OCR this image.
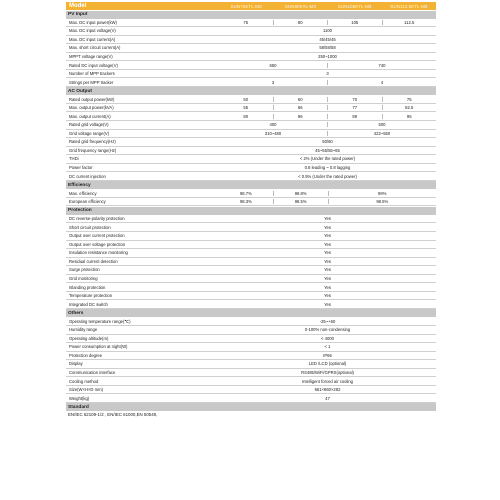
Model	SUN75KTL-M3	SUN90KTL-M3	SUN105KTL-M3	SUN112.5KTL-M3
PV Input
Max. DC input power(kW)	75	90	105	112.5
Max. DC input voltage(V)	1100
Max. DC input current(A)	45/45/45
Max. short circuit current(A)	58/58/58
MPPT voltage range(V)	250~1000
Rated DC input voltage(V)	650	740
Number of MPP trackers	3
Strings per MPP tracker	3	4
AC Output
Rated output power(kW)	50	60	70	75
Max. output power(kVA)	55	66	77	82.5
Max. output current(A)	80	96	89	95
Rated grid voltage(V)	400	500
Grid voltage range(V)	310~480	422~550
Rated grid frequency(Hz)	50/60
Grid frequency range(Hz)	45~55/55~65
THDi	< 2% (Under the rated power)
Power factor	0.8 leading ~ 0.8 lagging
DC current injection	< 0.5% (Under the rated power)
Efficiency
Max. efficiency	98.7%	98.8%	99%
European efficiency	98.3%	98.5%	98.5%
Protection
DC reverse-polarity protection	Yes
Short circuit protection	Yes
Output over current protection	Yes
Output over voltage protection	Yes
Insulation resistance monitoring	Yes
Residual current detection	Yes
Surge protection	Yes
Grid monitoring	Yes
Islanding protection	Yes
Temperature protection	Yes
Integrated DC switch	Yes
Others
Operating temperature range(℃)	-25~+60
Humidity range	0-100% non-condensing
Operating altitude(m)	< 4000
Power consumption at night(W)	< 1
Protection degree	IP66
Display	LED /LCD (optional)
Communication interface	RS485/WiFi/GPRS(optional)
Cooling method	Intelligent forced air cooling
Size(W×H×D mm)	661×860×282
Weight(kg)	47
Standard
EN/IEC 62109-1/2 , EN/IEC 61000,EN 50549,
